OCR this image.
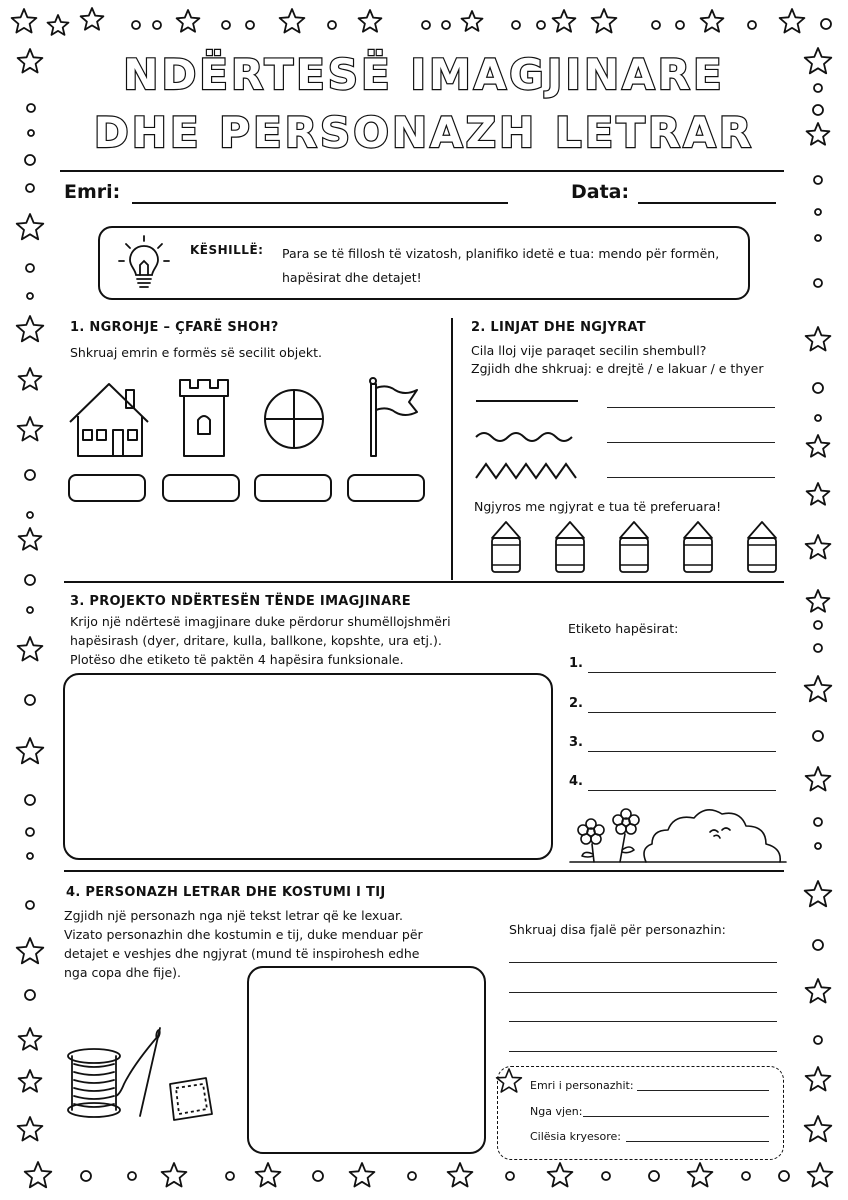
NDËRTESË IMAGJINARE
DHE PERSONAZH LETRAR
Emri:	Data:
KËSHILLË: Para se të fillosh të vizatosh, planifiko idetë e tua: mendo për formën, hapësirat dhe detajet!
1. NGROHJE – ÇFARË SHOH?
Shkruaj emrin e formës së secilit objekt.
2. LINJAT DHE NGJYRAT
Cila lloj vije paraqet secilin shembull?
Zgjidh dhe shkruaj: e drejtë / e lakuar / e thyer
Ngjyros me ngjyrat e tua të preferuara!
3. PROJEKTO NDËRTESËN TËNDE IMAGJINARE
Krijo një ndërtesë imagjinare duke përdorur shumëllojshmëri hapësirash (dyer, dritare, kulla, ballkone, kopshte, ura etj.). Plotëso dhe etiketo të paktën 4 hapësira funksionale.
Etiketo hapësirat:
1.
2.
3.
4.
4. PERSONAZH LETRAR DHE KOSTUMI I TIJ
Zgjidh një personazh nga një tekst letrar që ke lexuar. Vizato personazhin dhe kostumin e tij, duke menduar për detajet e veshjes dhe ngjyrat (mund të inspirohesh edhe nga copa dhe fije).
Shkruaj disa fjalë për personazhin:
Emri i personazhit:
Nga vjen:
Cilësia kryesore:
